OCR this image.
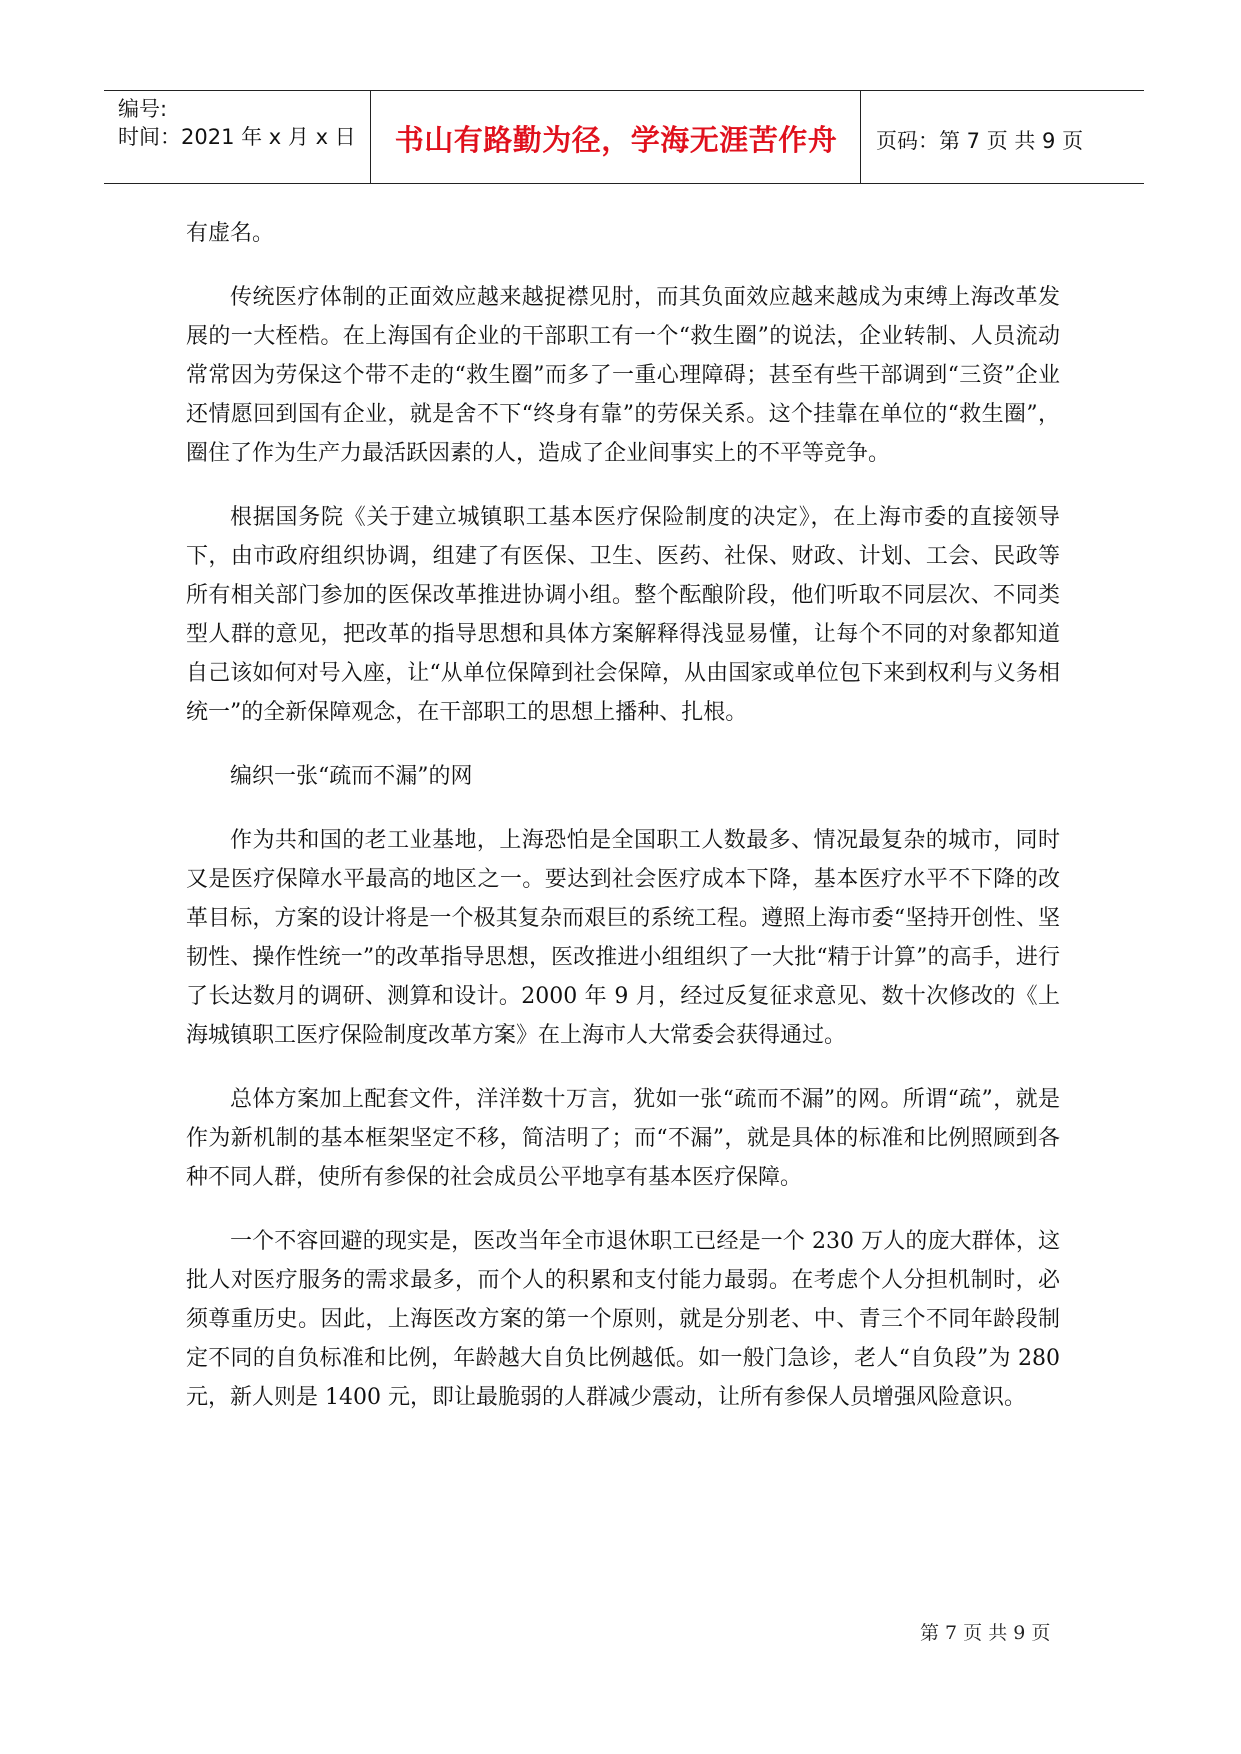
编号:
时间：2021 年 x 月 x 日	书山有路勤为径，学海无涯苦作舟	页码：第 7 页 共 9 页

有虚名。

传统医疗体制的正面效应越来越捉襟见肘，而其负面效应越来越成为束缚上海改革发展的一大桎梏。在上海国有企业的干部职工有一个“救生圈”的说法，企业转制、人员流动常常因为劳保这个带不走的“救生圈”而多了一重心理障碍；甚至有些干部调到“三资”企业还情愿回到国有企业，就是舍不下“终身有靠”的劳保关系。这个挂靠在单位的“救生圈”，圈住了作为生产力最活跃因素的人，造成了企业间事实上的不平等竞争。

根据国务院《关于建立城镇职工基本医疗保险制度的决定》，在上海市委的直接领导下，由市政府组织协调，组建了有医保、卫生、医药、社保、财政、计划、工会、民政等所有相关部门参加的医保改革推进协调小组。整个酝酿阶段，他们听取不同层次、不同类型人群的意见，把改革的指导思想和具体方案解释得浅显易懂，让每个不同的对象都知道自己该如何对号入座，让“从单位保障到社会保障，从由国家或单位包下来到权利与义务相统一”的全新保障观念，在干部职工的思想上播种、扎根。

编织一张“疏而不漏”的网

作为共和国的老工业基地，上海恐怕是全国职工人数最多、情况最复杂的城市，同时又是医疗保障水平最高的地区之一。要达到社会医疗成本下降，基本医疗水平不下降的改革目标，方案的设计将是一个极其复杂而艰巨的系统工程。遵照上海市委“坚持开创性、坚韧性、操作性统一”的改革指导思想，医改推进小组组织了一大批“精于计算”的高手，进行了长达数月的调研、测算和设计。2000 年 9 月，经过反复征求意见、数十次修改的《上海城镇职工医疗保险制度改革方案》在上海市人大常委会获得通过。

总体方案加上配套文件，洋洋数十万言，犹如一张“疏而不漏”的网。所谓“疏”，就是作为新机制的基本框架坚定不移，简洁明了；而“不漏”，就是具体的标准和比例照顾到各种不同人群，使所有参保的社会成员公平地享有基本医疗保障。

一个不容回避的现实是，医改当年全市退休职工已经是一个 230 万人的庞大群体，这批人对医疗服务的需求最多，而个人的积累和支付能力最弱。在考虑个人分担机制时，必须尊重历史。因此，上海医改方案的第一个原则，就是分别老、中、青三个不同年龄段制定不同的自负标准和比例，年龄越大自负比例越低。如一般门急诊，老人“自负段”为 280 元，新人则是 1400 元，即让最脆弱的人群减少震动，让所有参保人员增强风险意识。

第 7 页 共 9 页
